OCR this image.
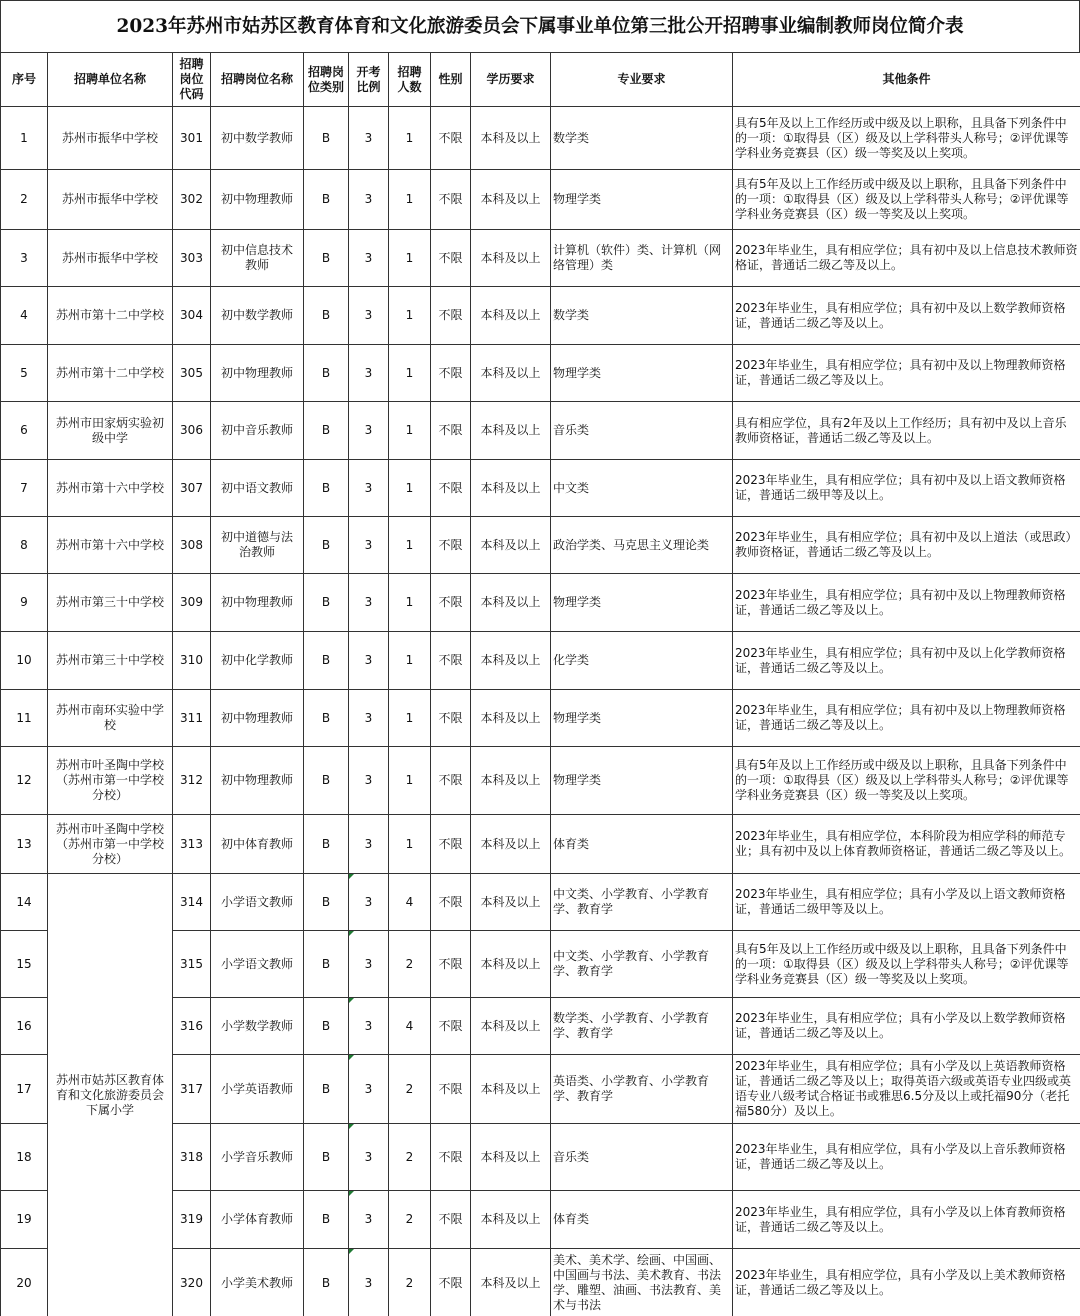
2023年苏州市姑苏区教育体育和文化旅游委员会下属事业单位第三批公开招聘事业编制教师岗位简介表
序号	招聘单位名称	招聘岗位代码	招聘岗位名称	招聘岗位类别	开考比例	招聘人数	性别	学历要求	专业要求	其他条件
1	苏州市振华中学校	301	初中数学教师	B	3	1	不限	本科及以上	数学类	具有5年及以上工作经历或中级及以上职称，且具备下列条件中的一项：①取得县（区）级及以上学科带头人称号；②评优课等学科业务竞赛县（区）级一等奖及以上奖项。
2	苏州市振华中学校	302	初中物理教师	B	3	1	不限	本科及以上	物理学类	具有5年及以上工作经历或中级及以上职称，且具备下列条件中的一项：①取得县（区）级及以上学科带头人称号；②评优课等学科业务竞赛县（区）级一等奖及以上奖项。
3	苏州市振华中学校	303	初中信息技术教师	B	3	1	不限	本科及以上	计算机（软件）类、计算机（网络管理）类	2023年毕业生，具有相应学位；具有初中及以上信息技术教师资格证，普通话二级乙等及以上。
4	苏州市第十二中学校	304	初中数学教师	B	3	1	不限	本科及以上	数学类	2023年毕业生，具有相应学位；具有初中及以上数学教师资格证，普通话二级乙等及以上。
5	苏州市第十二中学校	305	初中物理教师	B	3	1	不限	本科及以上	物理学类	2023年毕业生，具有相应学位；具有初中及以上物理教师资格证，普通话二级乙等及以上。
6	苏州市田家炳实验初级中学	306	初中音乐教师	B	3	1	不限	本科及以上	音乐类	具有相应学位，具有2年及以上工作经历；具有初中及以上音乐教师资格证，普通话二级乙等及以上。
7	苏州市第十六中学校	307	初中语文教师	B	3	1	不限	本科及以上	中文类	2023年毕业生，具有相应学位；具有初中及以上语文教师资格证，普通话二级甲等及以上。
8	苏州市第十六中学校	308	初中道德与法治教师	B	3	1	不限	本科及以上	政治学类、马克思主义理论类	2023年毕业生，具有相应学位；具有初中及以上道法（或思政）教师资格证，普通话二级乙等及以上。
9	苏州市第三十中学校	309	初中物理教师	B	3	1	不限	本科及以上	物理学类	2023年毕业生，具有相应学位；具有初中及以上物理教师资格证，普通话二级乙等及以上。
10	苏州市第三十中学校	310	初中化学教师	B	3	1	不限	本科及以上	化学类	2023年毕业生，具有相应学位；具有初中及以上化学教师资格证，普通话二级乙等及以上。
11	苏州市南环实验中学校	311	初中物理教师	B	3	1	不限	本科及以上	物理学类	2023年毕业生，具有相应学位；具有初中及以上物理教师资格证，普通话二级乙等及以上。
12	苏州市叶圣陶中学校（苏州市第一中学校分校）	312	初中物理教师	B	3	1	不限	本科及以上	物理学类	具有5年及以上工作经历或中级及以上职称，且具备下列条件中的一项：①取得县（区）级及以上学科带头人称号；②评优课等学科业务竞赛县（区）级一等奖及以上奖项。
13	苏州市叶圣陶中学校（苏州市第一中学校分校）	313	初中体育教师	B	3	1	不限	本科及以上	体育类	2023年毕业生，具有相应学位，本科阶段为相应学科的师范专业；具有初中及以上体育教师资格证，普通话二级乙等及以上。
14	苏州市姑苏区教育体育和文化旅游委员会下属小学	314	小学语文教师	B	3	4	不限	本科及以上	中文类、小学教育、小学教育学、教育学	2023年毕业生，具有相应学位；具有小学及以上语文教师资格证，普通话二级甲等及以上。
15		315	小学语文教师	B	3	2	不限	本科及以上	中文类、小学教育、小学教育学、教育学	具有5年及以上工作经历或中级及以上职称，且具备下列条件中的一项：①取得县（区）级及以上学科带头人称号；②评优课等学科业务竞赛县（区）级一等奖及以上奖项。
16		316	小学数学教师	B	3	4	不限	本科及以上	数学类、小学教育、小学教育学、教育学	2023年毕业生，具有相应学位；具有小学及以上数学教师资格证，普通话二级乙等及以上。
17		317	小学英语教师	B	3	2	不限	本科及以上	英语类、小学教育、小学教育学、教育学	2023年毕业生，具有相应学位；具有小学及以上英语教师资格证，普通话二级乙等及以上；取得英语六级或英语专业四级或英语专业八级考试合格证书或雅思6.5分及以上或托福90分（老托福580分）及以上。
18		318	小学音乐教师	B	3	2	不限	本科及以上	音乐类	2023年毕业生，具有相应学位，具有小学及以上音乐教师资格证，普通话二级乙等及以上。
19		319	小学体育教师	B	3	2	不限	本科及以上	体育类	2023年毕业生，具有相应学位，具有小学及以上体育教师资格证，普通话二级乙等及以上。
20		320	小学美术教师	B	3	2	不限	本科及以上	美术、美术学、绘画、中国画、中国画与书法、美术教育、书法学、雕塑、油画、书法教育、美术与书法	2023年毕业生，具有相应学位，具有小学及以上美术教师资格证，普通话二级乙等及以上。
